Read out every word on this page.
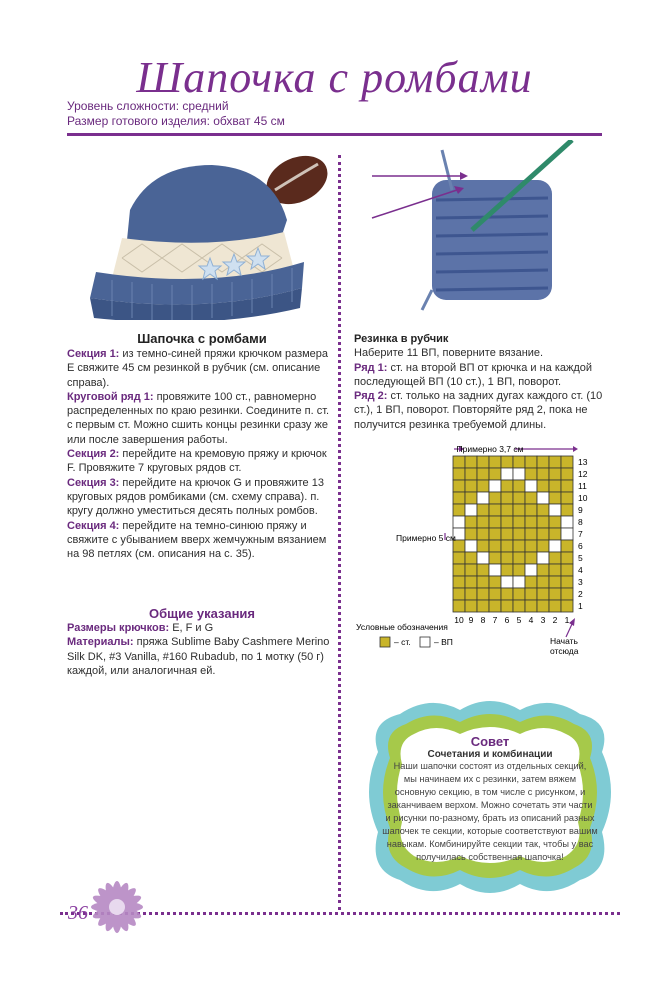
Шапочка с ромбами
Уровень сложности: средний
Размер готового изделия: обхват 45 см
Задняя дуга
Передняя дуга
Шапочка с ромбами

Секция 1: из темно-синей пряжи крючком размера E свяжите 45 см резинкой в рубчик (см. описание справа).

Круговой ряд 1: провяжите 100 ст., равномерно распределенных по краю резинки. Соедините п. ст. с первым ст. Можно сшить концы резинки сразу же или после завершения работы.

Секция 2: перейдите на кремовую пряжу и крючок F. Провяжите 7 круговых рядов ст.

Секция 3: перейдите на крючок G и провяжите 13 круговых рядов ромбиками (см. схему справа). п. кругу должно уместиться десять полных ромбов.

Секция 4: перейдите на темно-синюю пряжу и свяжите с убыванием вверх жемчужным вязанием на 98 петлях (см. описания на с. 35).

Общие указания

Размеры крючков: E, F и G

Материалы: пряжа Sublime Baby Cashmere Merino Silk DK, #3 Vanilla, #160 Rubadub, по 1 мотку (50 г) каждой, или аналогичная ей.

Резинка в рубчик

Наберите 11 ВП, поверните вязание.

Ряд 1: ст. на второй ВП от крючка и на каждой последующей ВП (10 ст.), 1 ВП, поворот.

Ряд 2: ст. только на задних дугах каждого ст. (10 ст.), 1 ВП, поворот. Повторяйте ряд 2, пока не получится резинка требуемой длины.

10 9 8 7 6 5 4 3 2 1
13
12
11
10
9
8
7
6
5
4
3
2
1
Примерно 3,7 см
Примерно 5 см
Условные обозначения
– ст.	– ВП	Начать отсюда
Совет
Сочетания и комбинации
Наши шапочки состоят из отдельных секций,
мы начинаем их с резинки, затем вяжем
основную секцию, в том числе с рисунком, и
заканчиваем верхом. Можно сочетать эти части
и рисунки по-разному, брать из описаний разных
шапочек те секции, которые соответствуют вашим
навыкам. Комбинируйте секции так, чтобы у вас
получилась собственная шапочка!
36
